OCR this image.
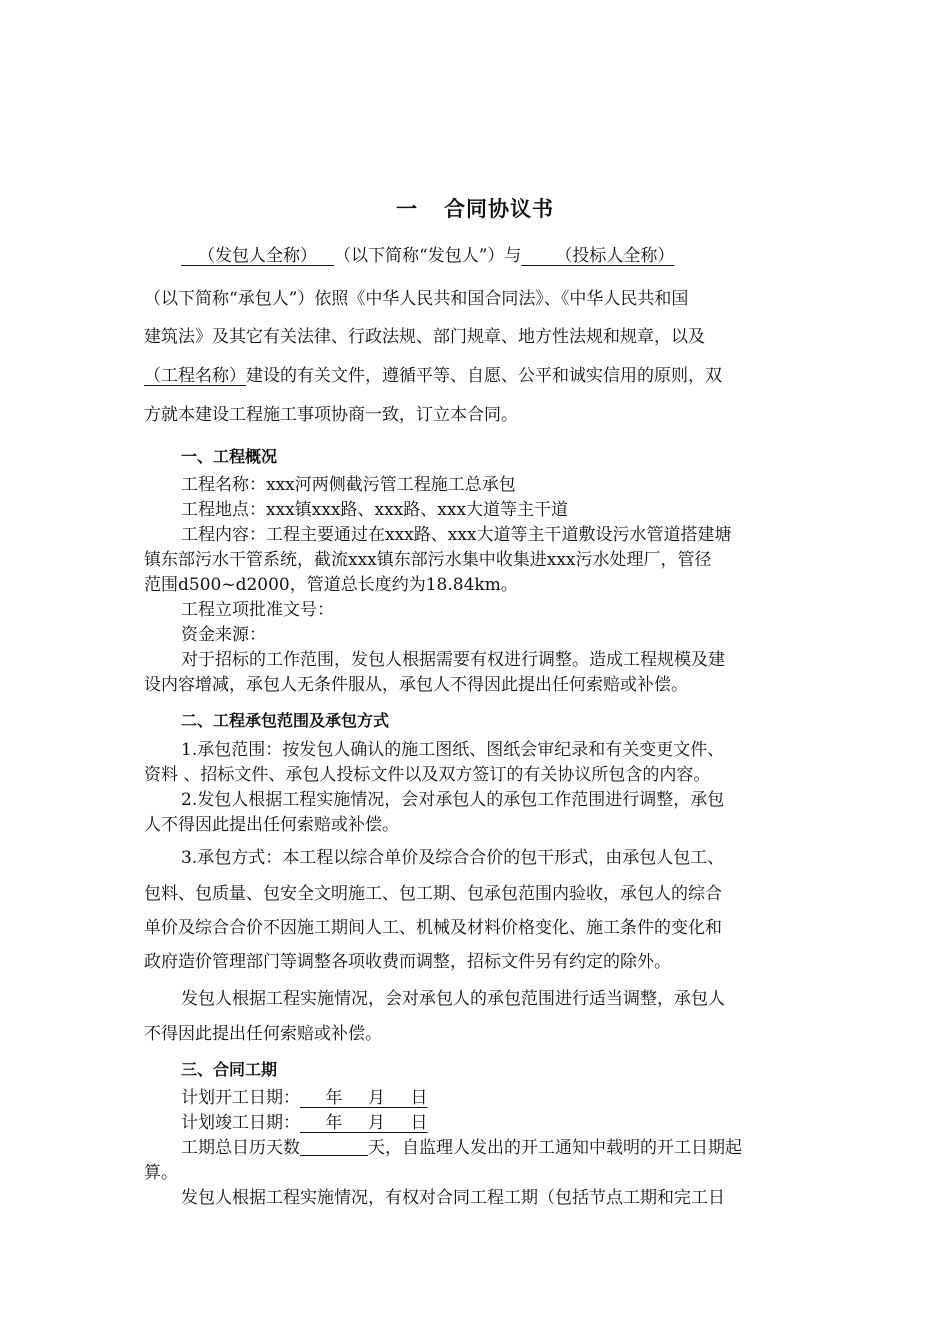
一 合同协议书
 （发包人全称）  （以下简称“发包人”）与   （投标人全称）
（以下简称“承包人”）依照《中华人民共和国合同法》、《中华人民共和国
建筑法》及其它有关法律、行政法规、部门规章、地方性法规和规章，以及
（工程名称）建设的有关文件，遵循平等、自愿、公平和诚实信用的原则，双
方就本建设工程施工事项协商一致，订立本合同。
一、工程概况
工程名称：xxx河两侧截污管工程施工总承包
工程地点：xxx镇xxx路、xxx路、xxx大道等主干道
工程内容：工程主要通过在xxx路、xxx大道等主干道敷设污水管道搭建塘
镇东部污水干管系统，截流xxx镇东部污水集中收集进xxx污水处理厂，管径
范围d500~d2000，管道总长度约为18.84km。
工程立项批准文号：
资金来源：
对于招标的工作范围，发包人根据需要有权进行调整。造成工程规模及建
设内容增减，承包人无条件服从，承包人不得因此提出任何索赔或补偿。
二、工程承包范围及承包方式
1.承包范围：按发包人确认的施工图纸、图纸会审纪录和有关变更文件、
资料 、招标文件、承包人投标文件以及双方签订的有关协议所包含的内容。
2.发包人根据工程实施情况，会对承包人的承包工作范围进行调整，承包
人不得因此提出任何索赔或补偿。
3.承包方式：本工程以综合单价及综合合价的包干形式，由承包人包工、
包料、包质量、包安全文明施工、包工期、包承包范围内验收，承包人的综合
单价及综合合价不因施工期间人工、机械及材料价格变化、施工条件的变化和
政府造价管理部门等调整各项收费而调整，招标文件另有约定的除外。
发包人根据工程实施情况，会对承包人的承包范围进行适当调整，承包人
不得因此提出任何索赔或补偿。
三、合同工期
计划开工日期：   年   月   日
计划竣工日期：   年   月   日
工期总日历天数	天，自监理人发出的开工通知中载明的开工日期起
算。
发包人根据工程实施情况，有权对合同工程工期（包括节点工期和完工日
